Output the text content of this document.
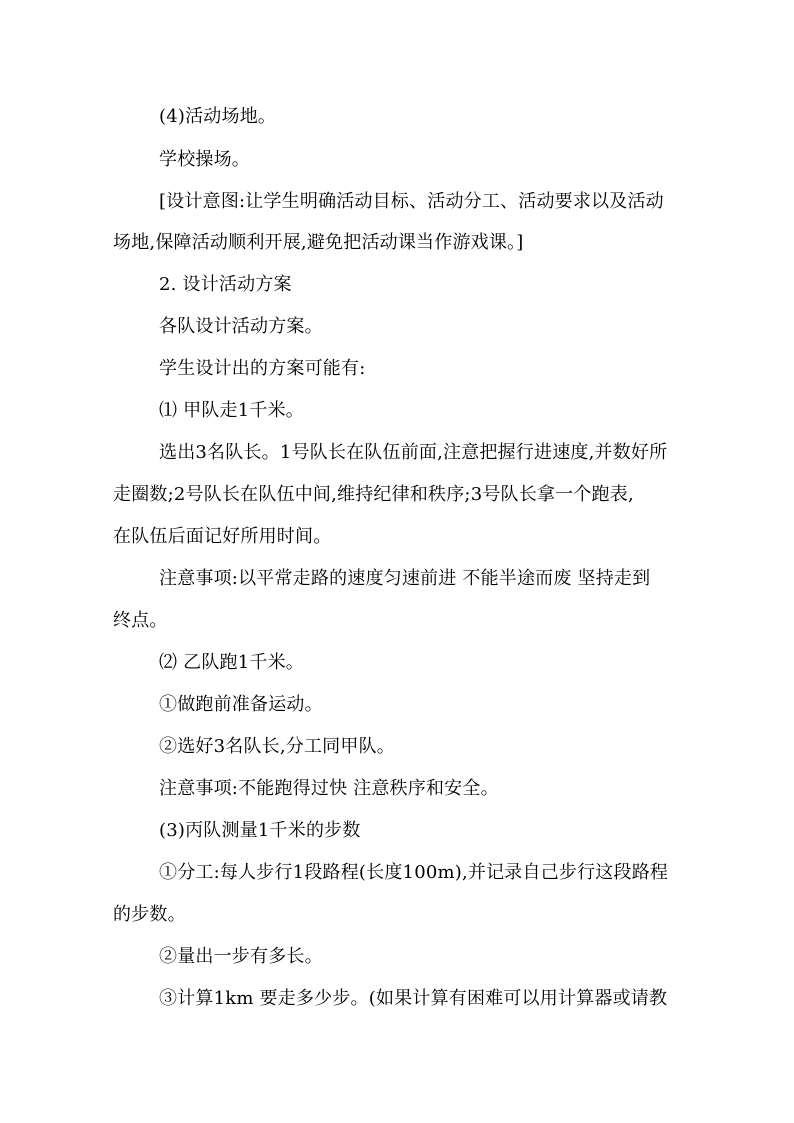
(4)活动场地。
学校操场。
[设计意图:让学生明确活动目标、活动分工、活动要求以及活动
场地,保障活动顺利开展,避免把活动课当作游戏课。]
2. 设计活动方案
各队设计活动方案。
学生设计出的方案可能有:
⑴ 甲队走1千米。
选出3名队长。1号队长在队伍前面,注意把握行进速度,并数好所
走圈数;2号队长在队伍中间,维持纪律和秩序;3号队长拿一个跑表,
在队伍后面记好所用时间。
注意事项:以平常走路的速度匀速前进 不能半途而废 坚持走到
终点。
⑵ 乙队跑1千米。
①做跑前准备运动。
②选好3名队长,分工同甲队。
注意事项:不能跑得过快 注意秩序和安全。
(3)丙队测量1千米的步数
①分工:每人步行1段路程(长度100m),并记录自己步行这段路程
的步数。
②量出一步有多长。
③计算1km 要走多少步。(如果计算有困难可以用计算器或请教
